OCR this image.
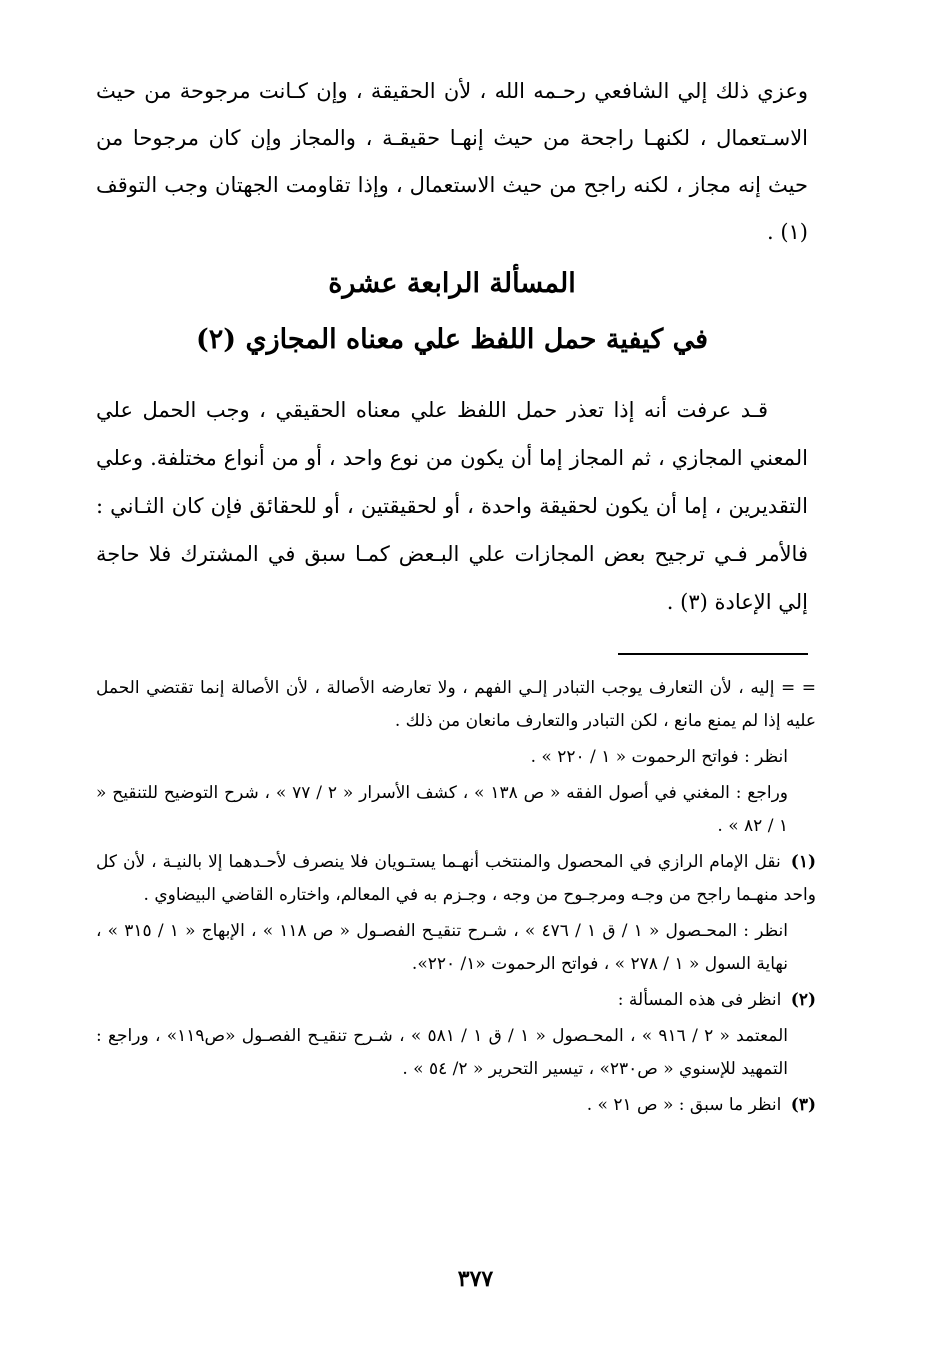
وعزي ذلك إلي الشافعي رحـمه الله ، لأن الحقيقة ، وإن كـانت مرجوحة من حيث الاسـتعمال ، لكنهـا راجحة من حيث إنهـا حقيقـة ، والمجاز وإن كان مرجوحا من حيث إنه مجاز ، لكنه راجح من حيث الاستعمال ، وإذا تقاومت الجهتان وجب التوقف (١) .

المسألة الرابعة عشرة
في كيفية حمل اللفظ علي معناه المجازي (٢)

قـد عرفت أنه إذا تعذر حمل اللفظ علي معناه الحقيقي ، وجب الحمل علي المعني المجازي ، ثم المجاز إما أن يكون من نوع واحد ، أو من أنواع مختلفة. وعلي التقديرين ، إما أن يكون لحقيقة واحدة ، أو لحقيقتين ، أو للحقائق فإن كان الثـاني : فالأمر فـي ترجيح بعض المجازات علي البـعض كمـا سبق في المشترك فلا حاجة إلي الإعادة (٣) .

= = إليه ، لأن التعارف يوجب التبادر إلـي الفهم ، ولا تعارضه الأصالة ، لأن الأصالة إنما تقتضي الحمل عليه إذا لم يمنع مانع ، لكن التبادر والتعارف مانعان من ذلك .

انظر : فواتح الرحموت « ١ / ٢٢٠ » .

وراجع : المغني في أصول الفقه « ص ١٣٨ » ، كشف الأسرار « ٢ / ٧٧ » ، شرح التوضيح للتنقيح « ١ / ٨٢ » .

(١) نقل الإمام الرازي في المحصول والمنتخب أنهـما يستـويان فلا ينصرف لأحـدهما إلا بالنيـة ، لأن كل واحد منهـما راجح من وجـه ومرجـوح من وجه ، وجـزم به في المعالم، واختاره القاضي البيضاوي .

انظر : المحـصول « ١ / ق ١ / ٤٧٦ » ، شـرح تنقيـح الفصـول « ص ١١٨ » ، الإبهاج « ١ / ٣١٥ » ، نهاية السول « ١ / ٢٧٨ » ، فواتح الرحموت «١/ ٢٢٠».

(٢) انظر فى هذه المسألة :

المعتمد « ٢ / ٩١٦ » ، المحـصول « ١ / ق ١ / ٥٨١ » ، شـرح تنقيـح الفصـول «ص١١٩» ، وراجع : التمهيد للإسنوي « ص٢٣٠» ، تيسير التحرير « ٢/ ٥٤ » .

(٣) انظر ما سبق : « ص ٢١ » .

٣٧٧
